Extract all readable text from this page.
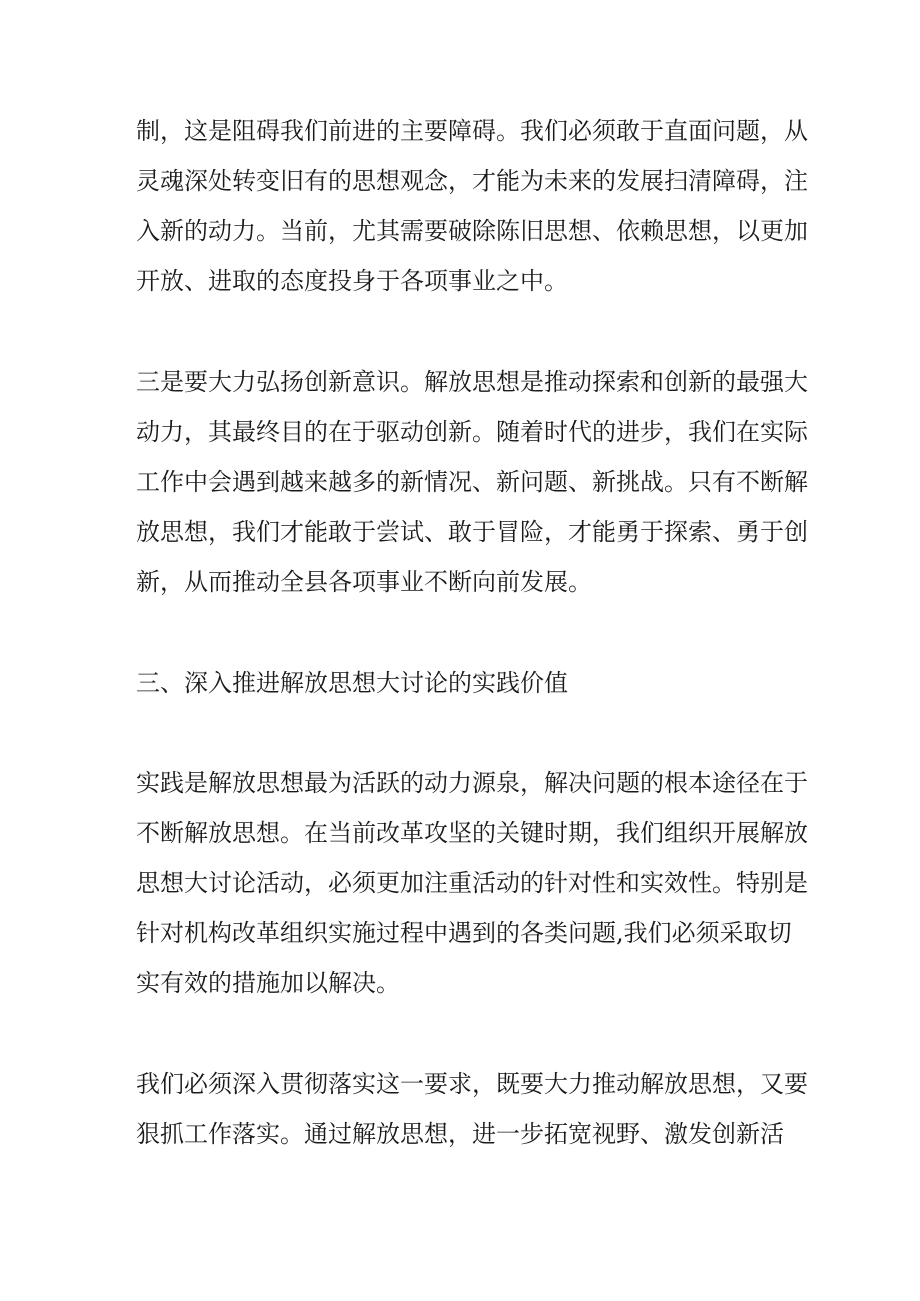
制，这是阻碍我们前进的主要障碍。我们必须敢于直面问题，从
灵魂深处转变旧有的思想观念，才能为未来的发展扫清障碍，注
入新的动力。当前，尤其需要破除陈旧思想、依赖思想，以更加
开放、进取的态度投身于各项事业之中。
三是要大力弘扬创新意识。解放思想是推动探索和创新的最强大
动力，其最终目的在于驱动创新。随着时代的进步，我们在实际
工作中会遇到越来越多的新情况、新问题、新挑战。只有不断解
放思想，我们才能敢于尝试、敢于冒险，才能勇于探索、勇于创
新，从而推动全县各项事业不断向前发展。
三、深入推进解放思想大讨论的实践价值
实践是解放思想最为活跃的动力源泉，解决问题的根本途径在于
不断解放思想。在当前改革攻坚的关键时期，我们组织开展解放
思想大讨论活动，必须更加注重活动的针对性和实效性。特别是
针对机构改革组织实施过程中遇到的各类问题,我们必须采取切
实有效的措施加以解决。
我们必须深入贯彻落实这一要求，既要大力推动解放思想，又要
狠抓工作落实。通过解放思想，进一步拓宽视野、激发创新活
